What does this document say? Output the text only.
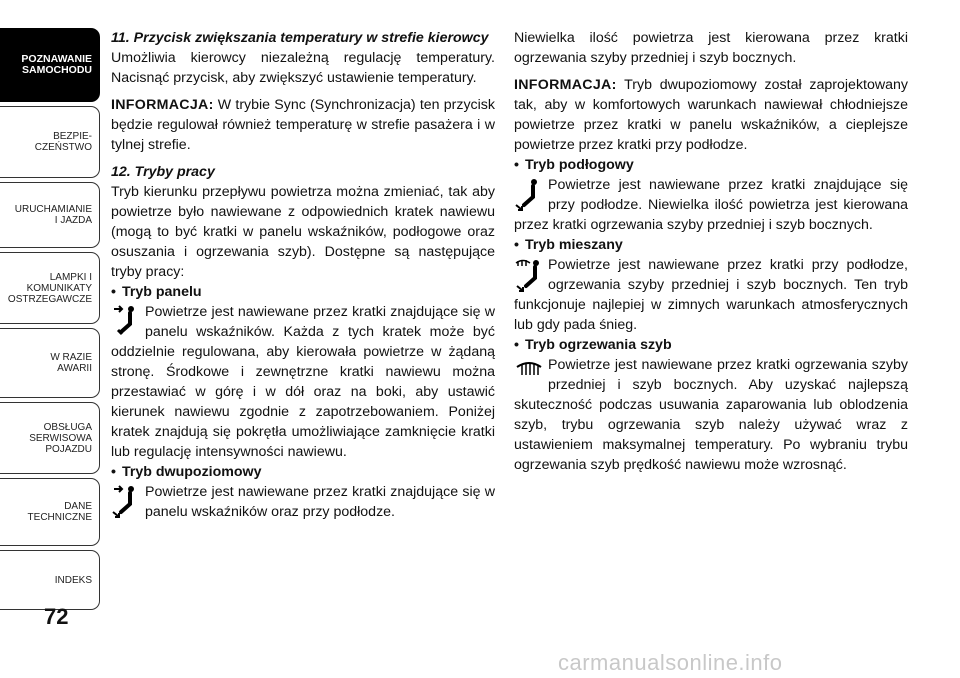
POZNAWANIE
SAMOCHODU
BEZPIE-
CZEŃSTWO
URUCHAMIANIE
I JAZDA
LAMPKI I
KOMUNIKATY
OSTRZEGAWCZE
W RAZIE
AWARII
OBSŁUGA
SERWISOWA
POJAZDU
DANE
TECHNICZNE
INDEKS
72

11. Przycisk zwiększania temperatury w strefie kierowcy

Umożliwia kierowcy niezależną regulację temperatury. Nacisnąć przycisk, aby zwiększyć ustawienie temperatury.

INFORMACJA: W trybie Sync (Synchronizacja) ten przycisk będzie regulował również temperaturę w strefie pasażera i w tylnej strefie.

12. Tryby pracy

Tryb kierunku przepływu powietrza można zmieniać, tak aby powietrze było nawiewane z odpowiednich kratek nawiewu (mogą to być kratki w panelu wskaźników, podłogowe oraz osuszania i ogrzewania szyb). Dostępne są następujące tryby pracy:

• Tryb panelu

Powietrze jest nawiewane przez kratki znajdujące się w panelu wskaźników. Każda z tych kratek może być oddzielnie regulowana, aby kierowała powietrze w żądaną stronę. Środkowe i zewnętrzne kratki nawiewu można przestawiać w górę i w dół oraz na boki, aby ustawić kierunek nawiewu zgodnie z zapotrzebowaniem. Poniżej kratek znajdują się pokrętła umożliwiające zamknięcie kratki lub regulację intensywności nawiewu.

• Tryb dwupoziomowy

Powietrze jest nawiewane przez kratki znajdujące się w panelu wskaźników oraz przy podłodze.

Niewielka ilość powietrza jest kierowana przez kratki ogrzewania szyby przedniej i szyb bocznych.

INFORMACJA: Tryb dwupoziomowy został zaprojektowany tak, aby w komfortowych warunkach nawiewał chłodniejsze powietrze przez kratki w panelu wskaźników, a cieplejsze powietrze przez kratki przy podłodze.

• Tryb podłogowy

Powietrze jest nawiewane przez kratki znajdujące się przy podłodze. Niewielka ilość powietrza jest kierowana przez kratki ogrzewania szyby przedniej i szyb bocznych.

• Tryb mieszany

Powietrze jest nawiewane przez kratki przy podłodze, ogrzewania szyby przedniej i szyb bocznych. Ten tryb funkcjonuje najlepiej w zimnych warunkach atmosferycznych lub gdy pada śnieg.

• Tryb ogrzewania szyb

Powietrze jest nawiewane przez kratki ogrzewania szyby przedniej i szyb bocznych. Aby uzyskać najlepszą skuteczność podczas usuwania zaparowania lub oblodzenia szyb, trybu ogrzewania szyb należy używać wraz z ustawieniem maksymalnej temperatury. Po wybraniu trybu ogrzewania szyb prędkość nawiewu może wzrosnąć.
carmanualsonline.info
